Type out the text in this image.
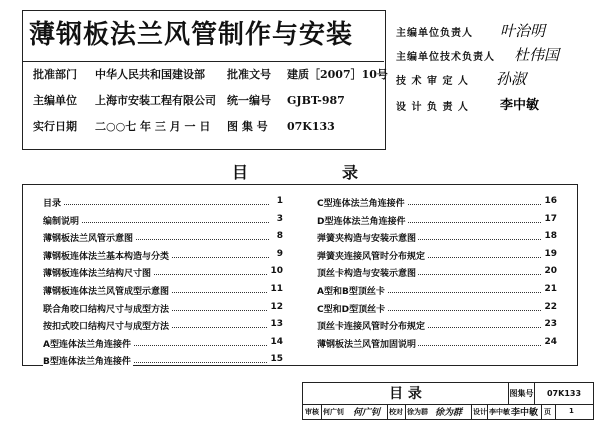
薄钢板法兰风管制作与安装
批准部门 中华人民共和国建设部 批准文号 建质［2007］10号
主编单位 上海市安装工程有限公司 统一编号 GJBT-987
实行日期 二○○七 年 三 月 一 日 图 集 号 07K133
主编单位负责人 叶治明
主编单位技术负责人 杜伟国
技 术 审 定 人 孙淑
设 计 负 责 人 李中敏
目	录
目录	1
编制说明	3
薄钢板法兰风管示意图	8
薄钢板连体法兰基本构造与分类	9
薄钢板连体法兰结构尺寸图	10
薄钢板连体法兰风管成型示意图	11
联合角咬口结构尺寸与成型方法	12
按扣式咬口结构尺寸与成型方法	13
A型连体法兰角连接件	14
B型连体法兰角连接件	15
C型连体法兰角连接件	16
D型连体法兰角连接件	17
弹簧夹构造与安装示意图	18
弹簧夹连接风管时分布规定	19
顶丝卡构造与安装示意图	20
A型和B型顶丝卡	21
C型和D型顶丝卡	22
顶丝卡连接风管时分布规定	23
薄钢板法兰风管加固说明	24
目 录	图集号	07K133
审核 何广钊 何广钊 校对 徐为群 徐为群 设计 李中敏 李中敏 页	1
